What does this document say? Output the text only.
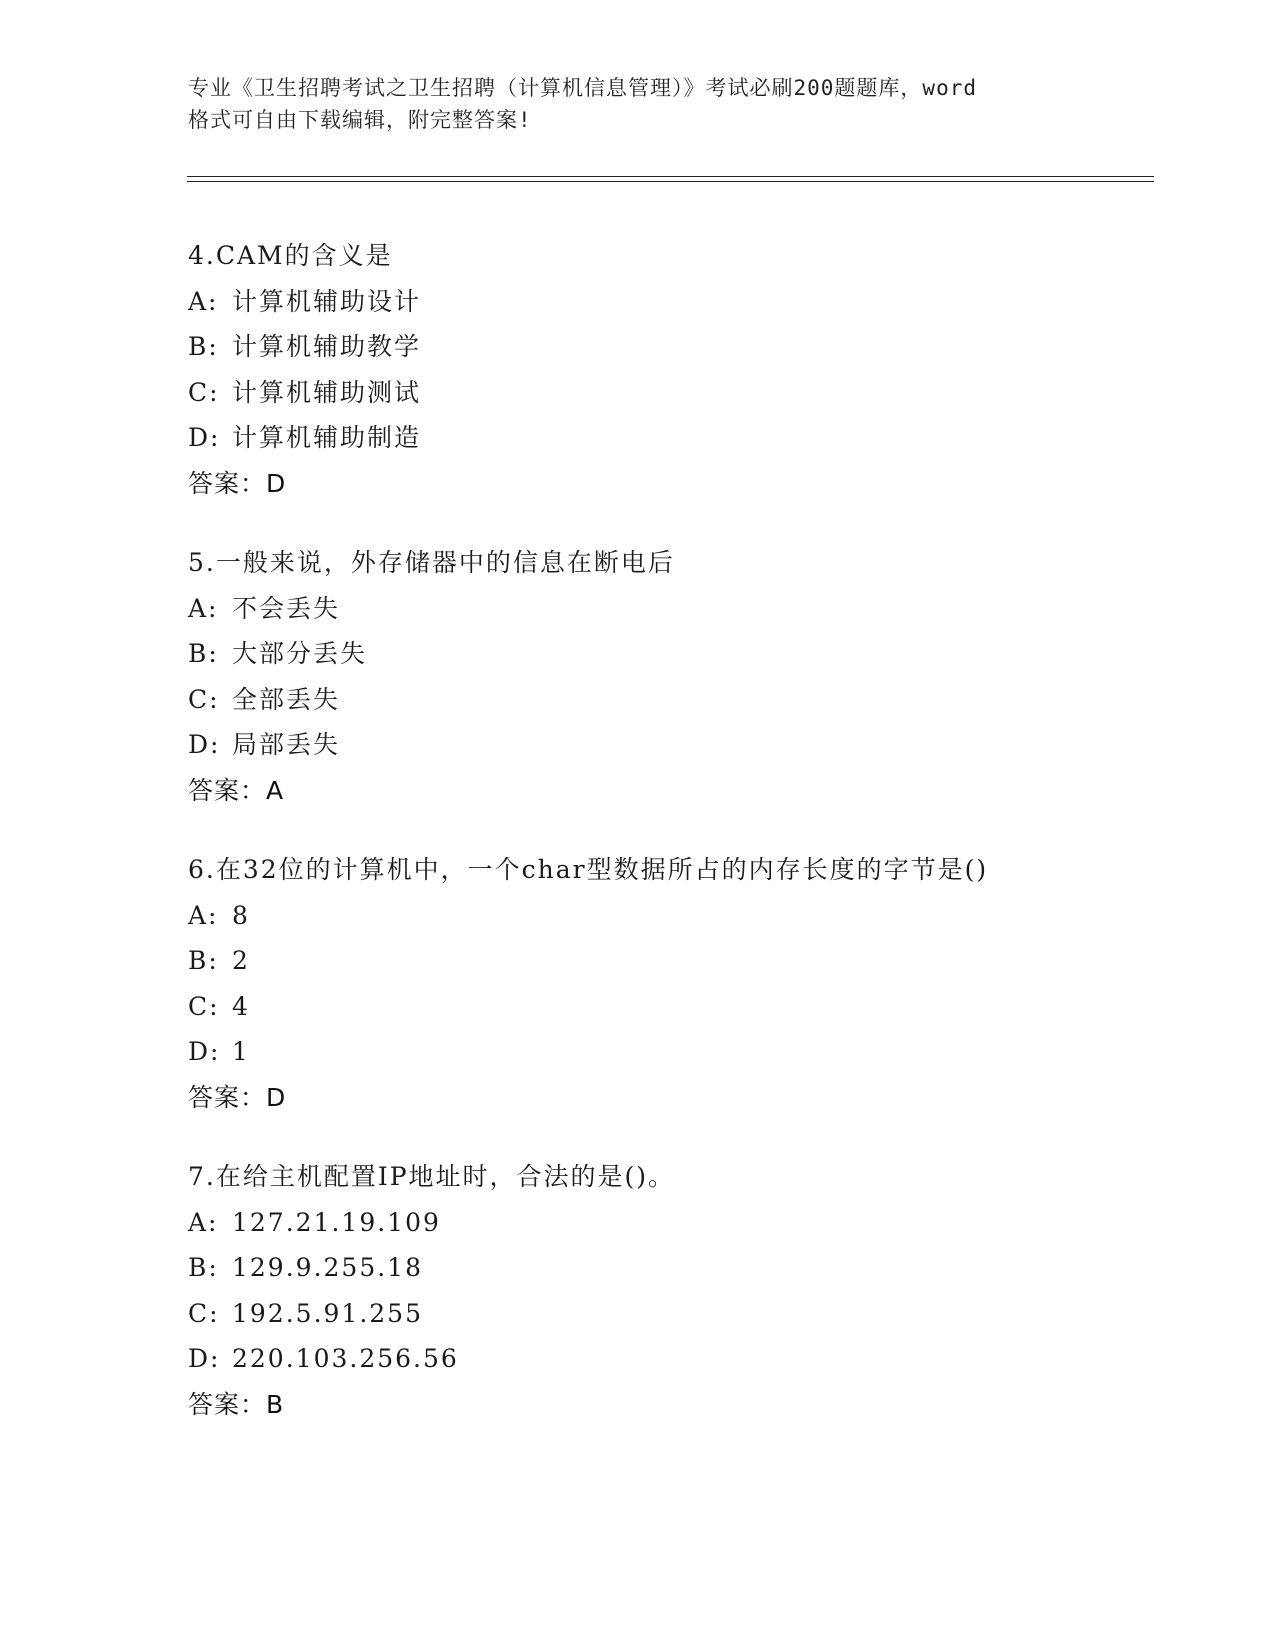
专业《卫生招聘考试之卫生招聘（计算机信息管理）》考试必刷200题题库，word
格式可自由下载编辑，附完整答案!
4.CAM的含义是
A: 计算机辅助设计
B: 计算机辅助教学
C: 计算机辅助测试
D: 计算机辅助制造
答案：D
5.一般来说，外存储器中的信息在断电后
A: 不会丢失
B: 大部分丢失
C: 全部丢失
D: 局部丢失
答案：A
6.在32位的计算机中，一个char型数据所占的内存长度的字节是()
A: 8
B: 2
C: 4
D: 1
答案：D
7.在给主机配置IP地址时，合法的是()。
A: 127.21.19.109
B: 129.9.255.18
C: 192.5.91.255
D: 220.103.256.56
答案：B
